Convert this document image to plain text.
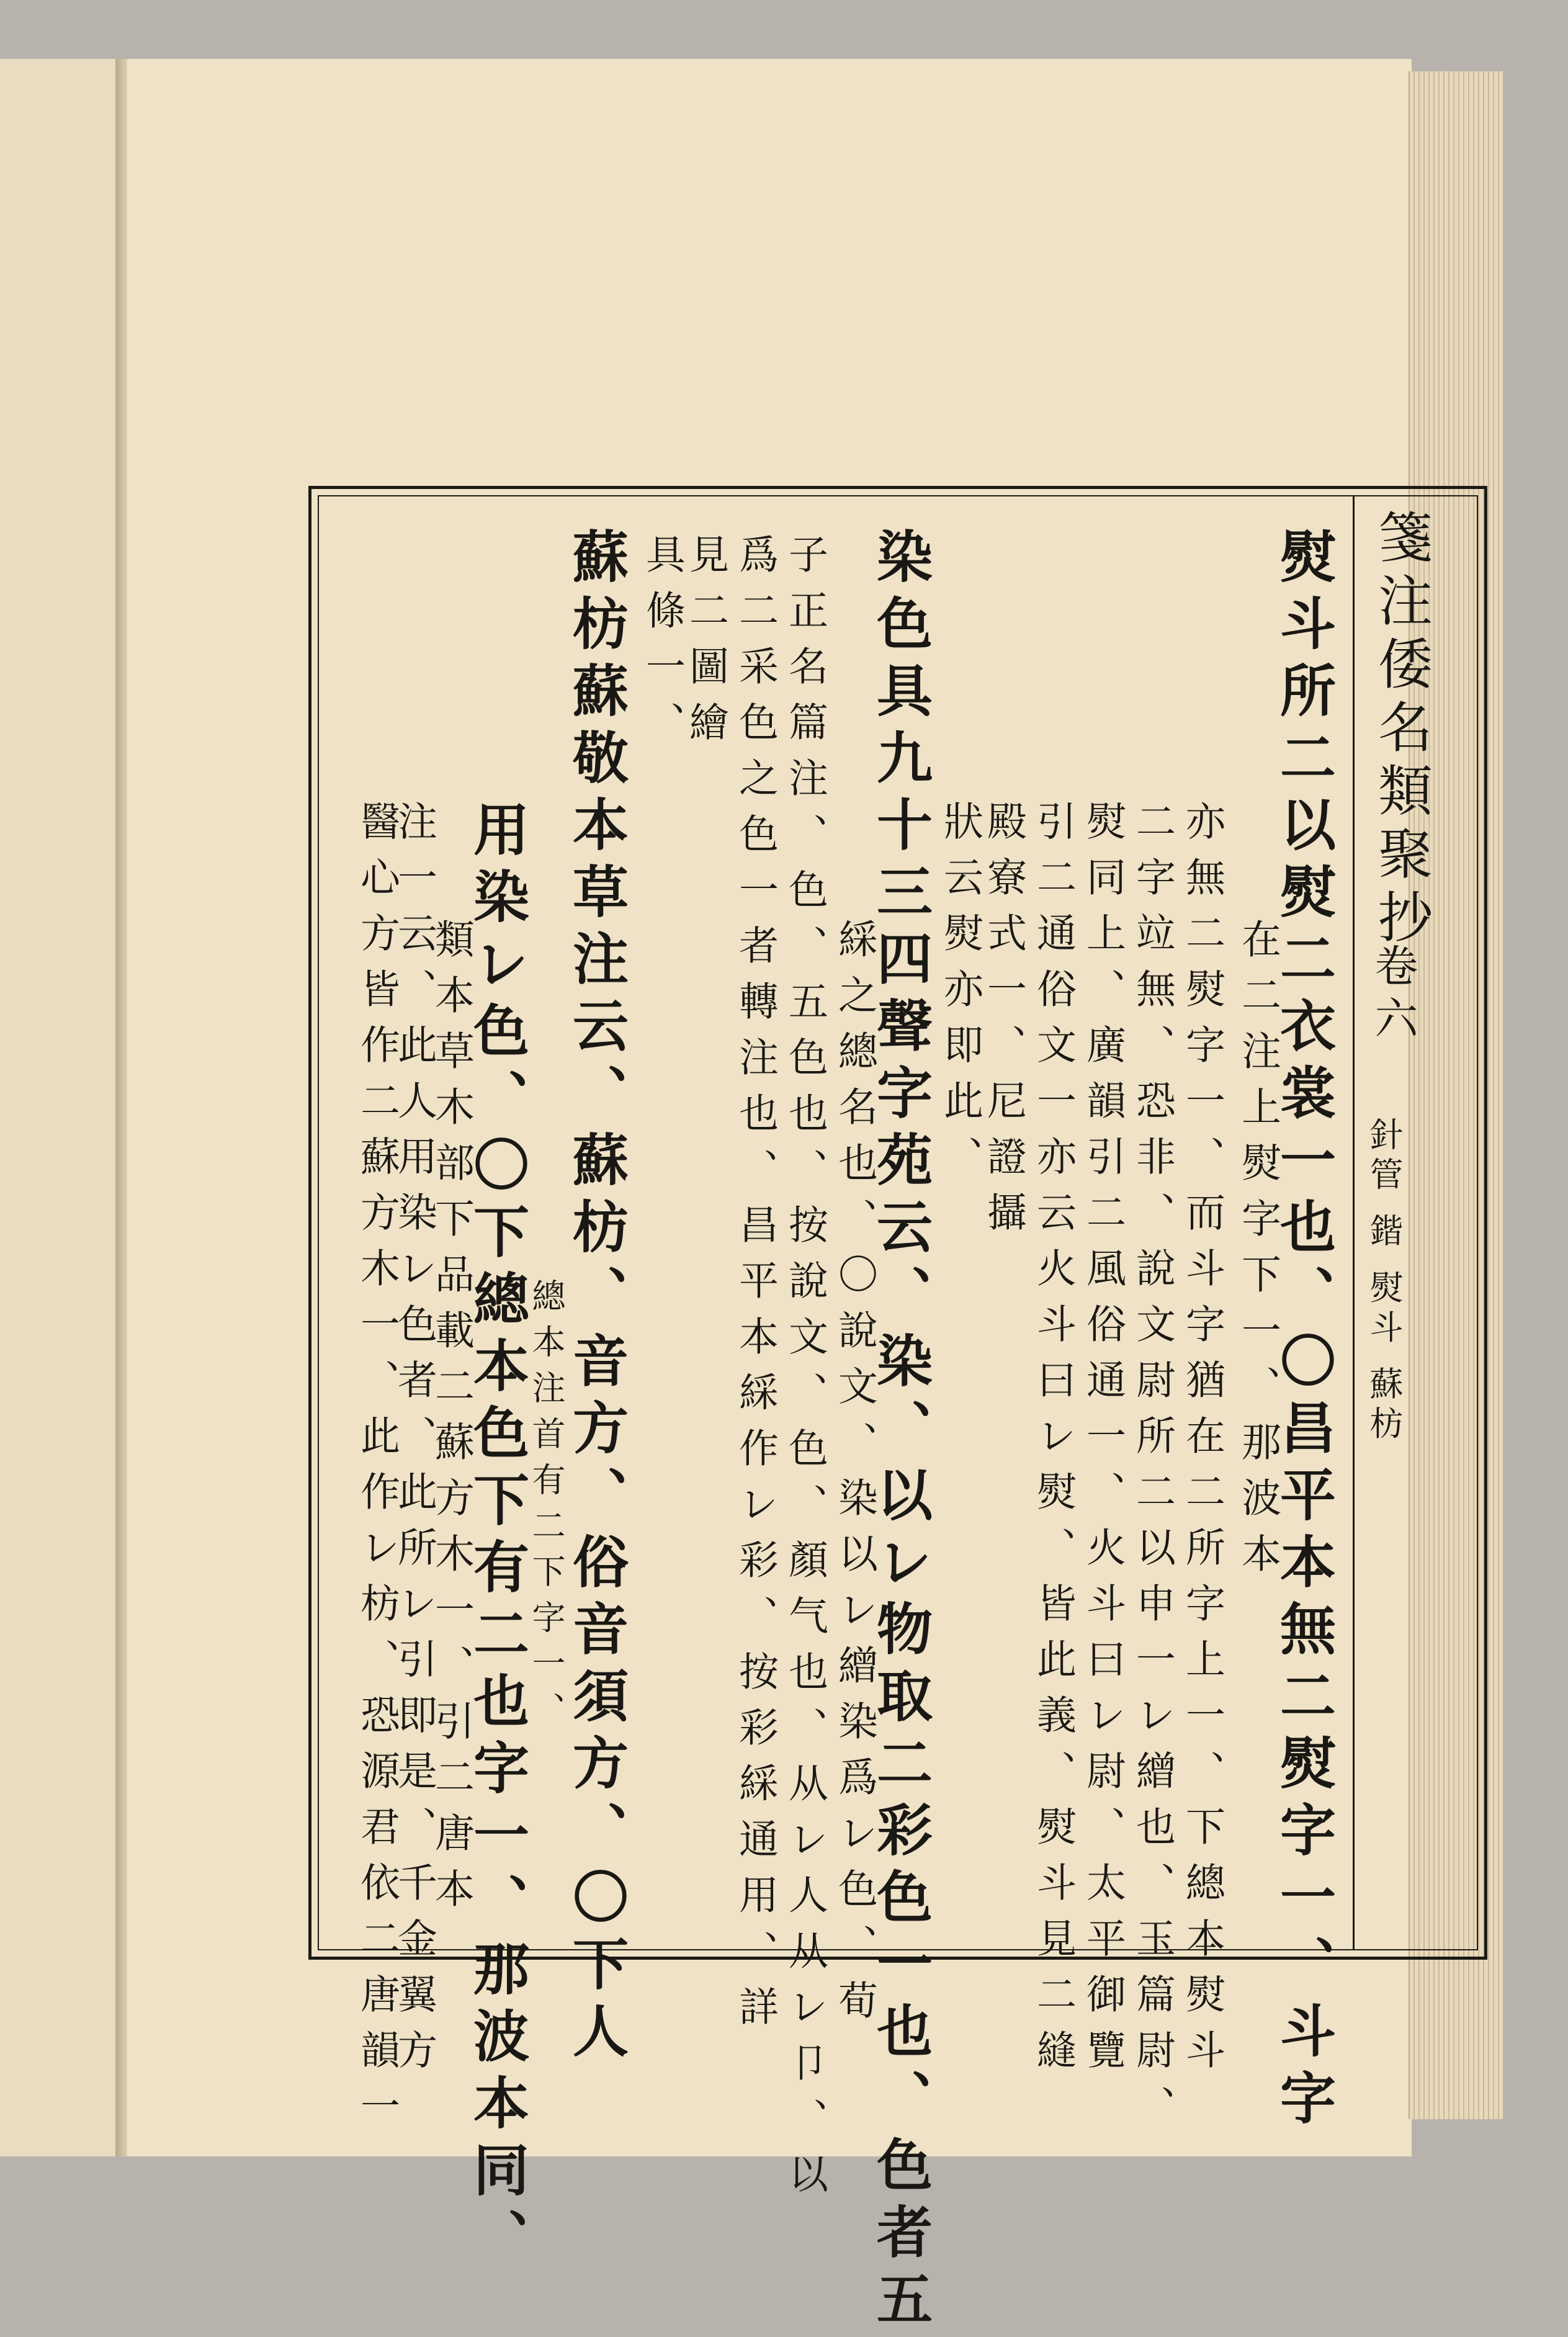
箋注倭名類聚抄
卷六
針管 鍇 熨斗 蘇枋
熨斗所二以熨二衣裳一也、〇昌平本無二熨字一、斗字
在二注上熨字下一、那波本
亦無二熨字一、而斗字猶在二所字上一、下總本熨斗
二字竝無、恐非、說文尉所二以申一レ繒也、玉篇尉、
熨同上、廣韻引二風俗通一、火斗曰レ尉、太平御覽
引二通俗文一亦云火斗曰レ熨、皆此義、熨斗見二縫
殿寮式一、尼證攝
狀云熨亦即此、
染色具九十三四聲字苑云、染、以レ物取二彩色一也、色者五
綵之總名也、〇說文、染以レ繒染爲レ色、荀
子正名篇注、色、五色也、按說文、色、顏气也、从レ人从レ卩、以
爲二采色之色一者轉注也、昌平本綵作レ彩、按彩綵通用、詳
見二圖繪
具條一、
蘇枋蘇敬本草注云、蘇枋、音方、俗音須方、〇下人
總本注首有二下字一、
用染レ色、〇下總本色下有二也字一、那波本同、
類本草木部下品載二蘇方木一、引二唐本
注一云、此人用染レ色者、此所レ引即是、千金翼方
醫心方皆作二蘇方木一、此作レ枋、恐源君依二唐韻一
